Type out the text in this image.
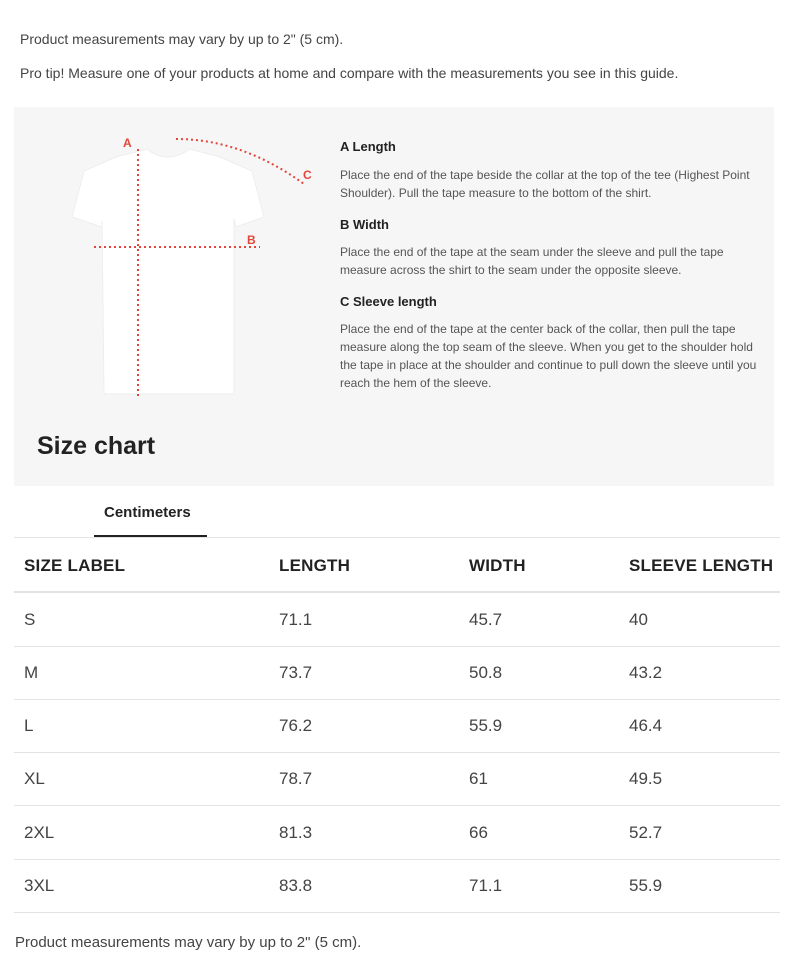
Product measurements may vary by up to 2" (5 cm).
Pro tip! Measure one of your products at home and compare with the measurements you see in this guide.
A
B
C
A Length
Place the end of the tape beside the collar at the top of the tee (Highest Point Shoulder). Pull the tape measure to the bottom of the shirt.
B Width
Place the end of the tape at the seam under the sleeve and pull the tape measure across the shirt to the seam under the opposite sleeve.
C Sleeve length
Place the end of the tape at the center back of the collar, then pull the tape measure along the top seam of the sleeve. When you get to the shoulder hold the tape in place at the shoulder and continue to pull down the sleeve until you reach the hem of the sleeve.
Size chart
Centimeters
SIZE LABEL	LENGTH	WIDTH	SLEEVE LENGTH
S	71.1	45.7	40
M	73.7	50.8	43.2
L	76.2	55.9	46.4
XL	78.7	61	49.5
2XL	81.3	66	52.7
3XL	83.8	71.1	55.9
Product measurements may vary by up to 2" (5 cm).
